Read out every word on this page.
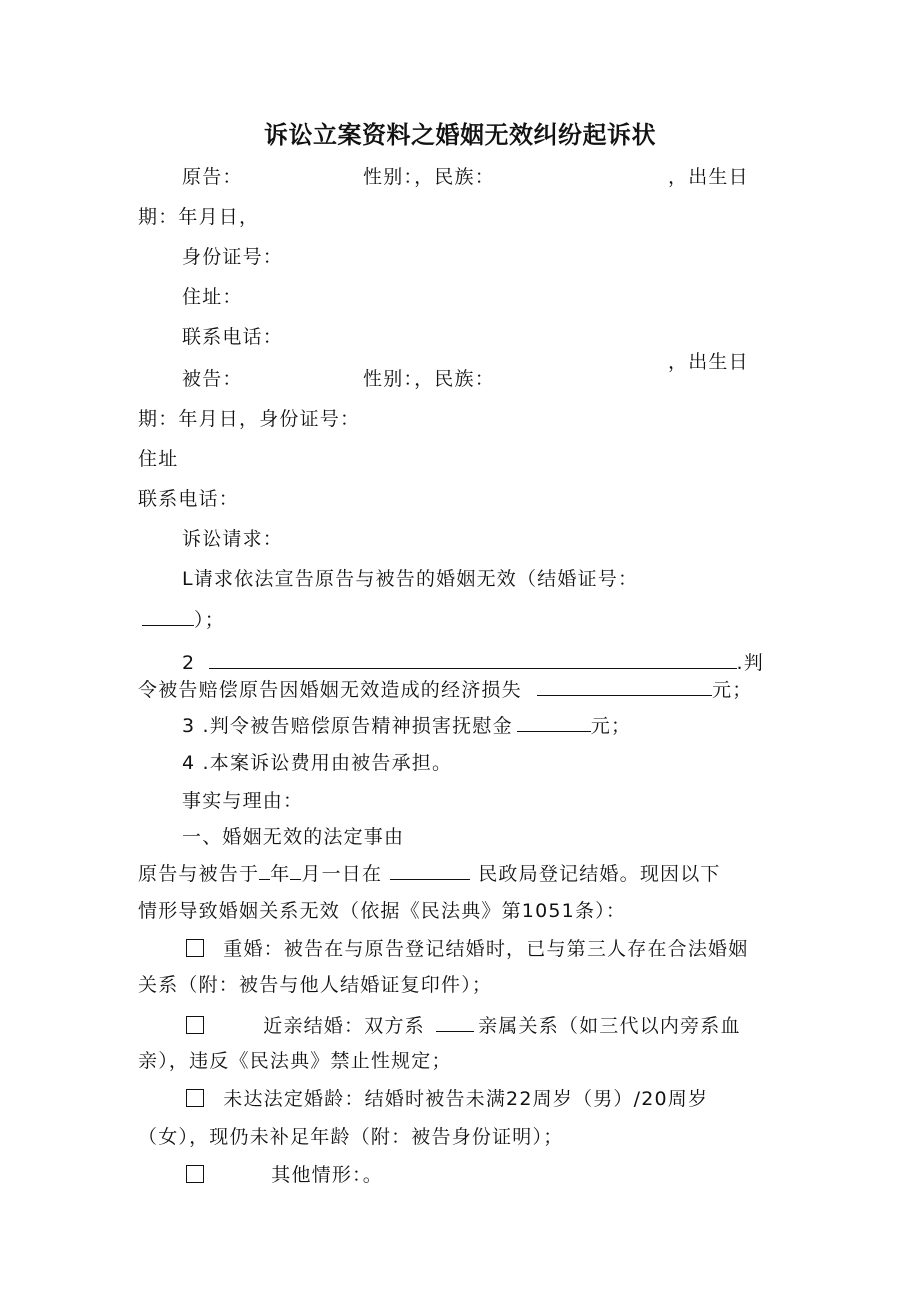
诉讼立案资料之婚姻无效纠纷起诉状
原告：	性别：，民族：	，出生日
期：年月日，
身份证号：
住址：
联系电话：
被告：	性别：，民族：
，出生日
期：年月日，身份证号：
住址
联系电话：
诉讼请求：
L请求依法宣告原告与被告的婚姻无效（结婚证号：
）；
2	.判
令被告赔偿原告因婚姻无效造成的经济损失	元；
3 .判令被告赔偿原告精神损害抚慰金	元；
4 .本案诉讼费用由被告承担。
事实与理由：
一、婚姻无效的法定事由
原告与被告于 年 月一日在	民政局登记结婚。现因以下
情形导致婚姻关系无效（依据《民法典》第1051条）：
重婚：被告在与原告登记结婚时，已与第三人存在合法婚姻
关系（附：被告与他人结婚证复印件）；
近亲结婚：双方系	亲属关系（如三代以内旁系血
亲），违反《民法典》禁止性规定；
未达法定婚龄：结婚时被告未满22周岁（男）/20周岁
（女），现仍未补足年龄（附：被告身份证明）；
其他情形：。
